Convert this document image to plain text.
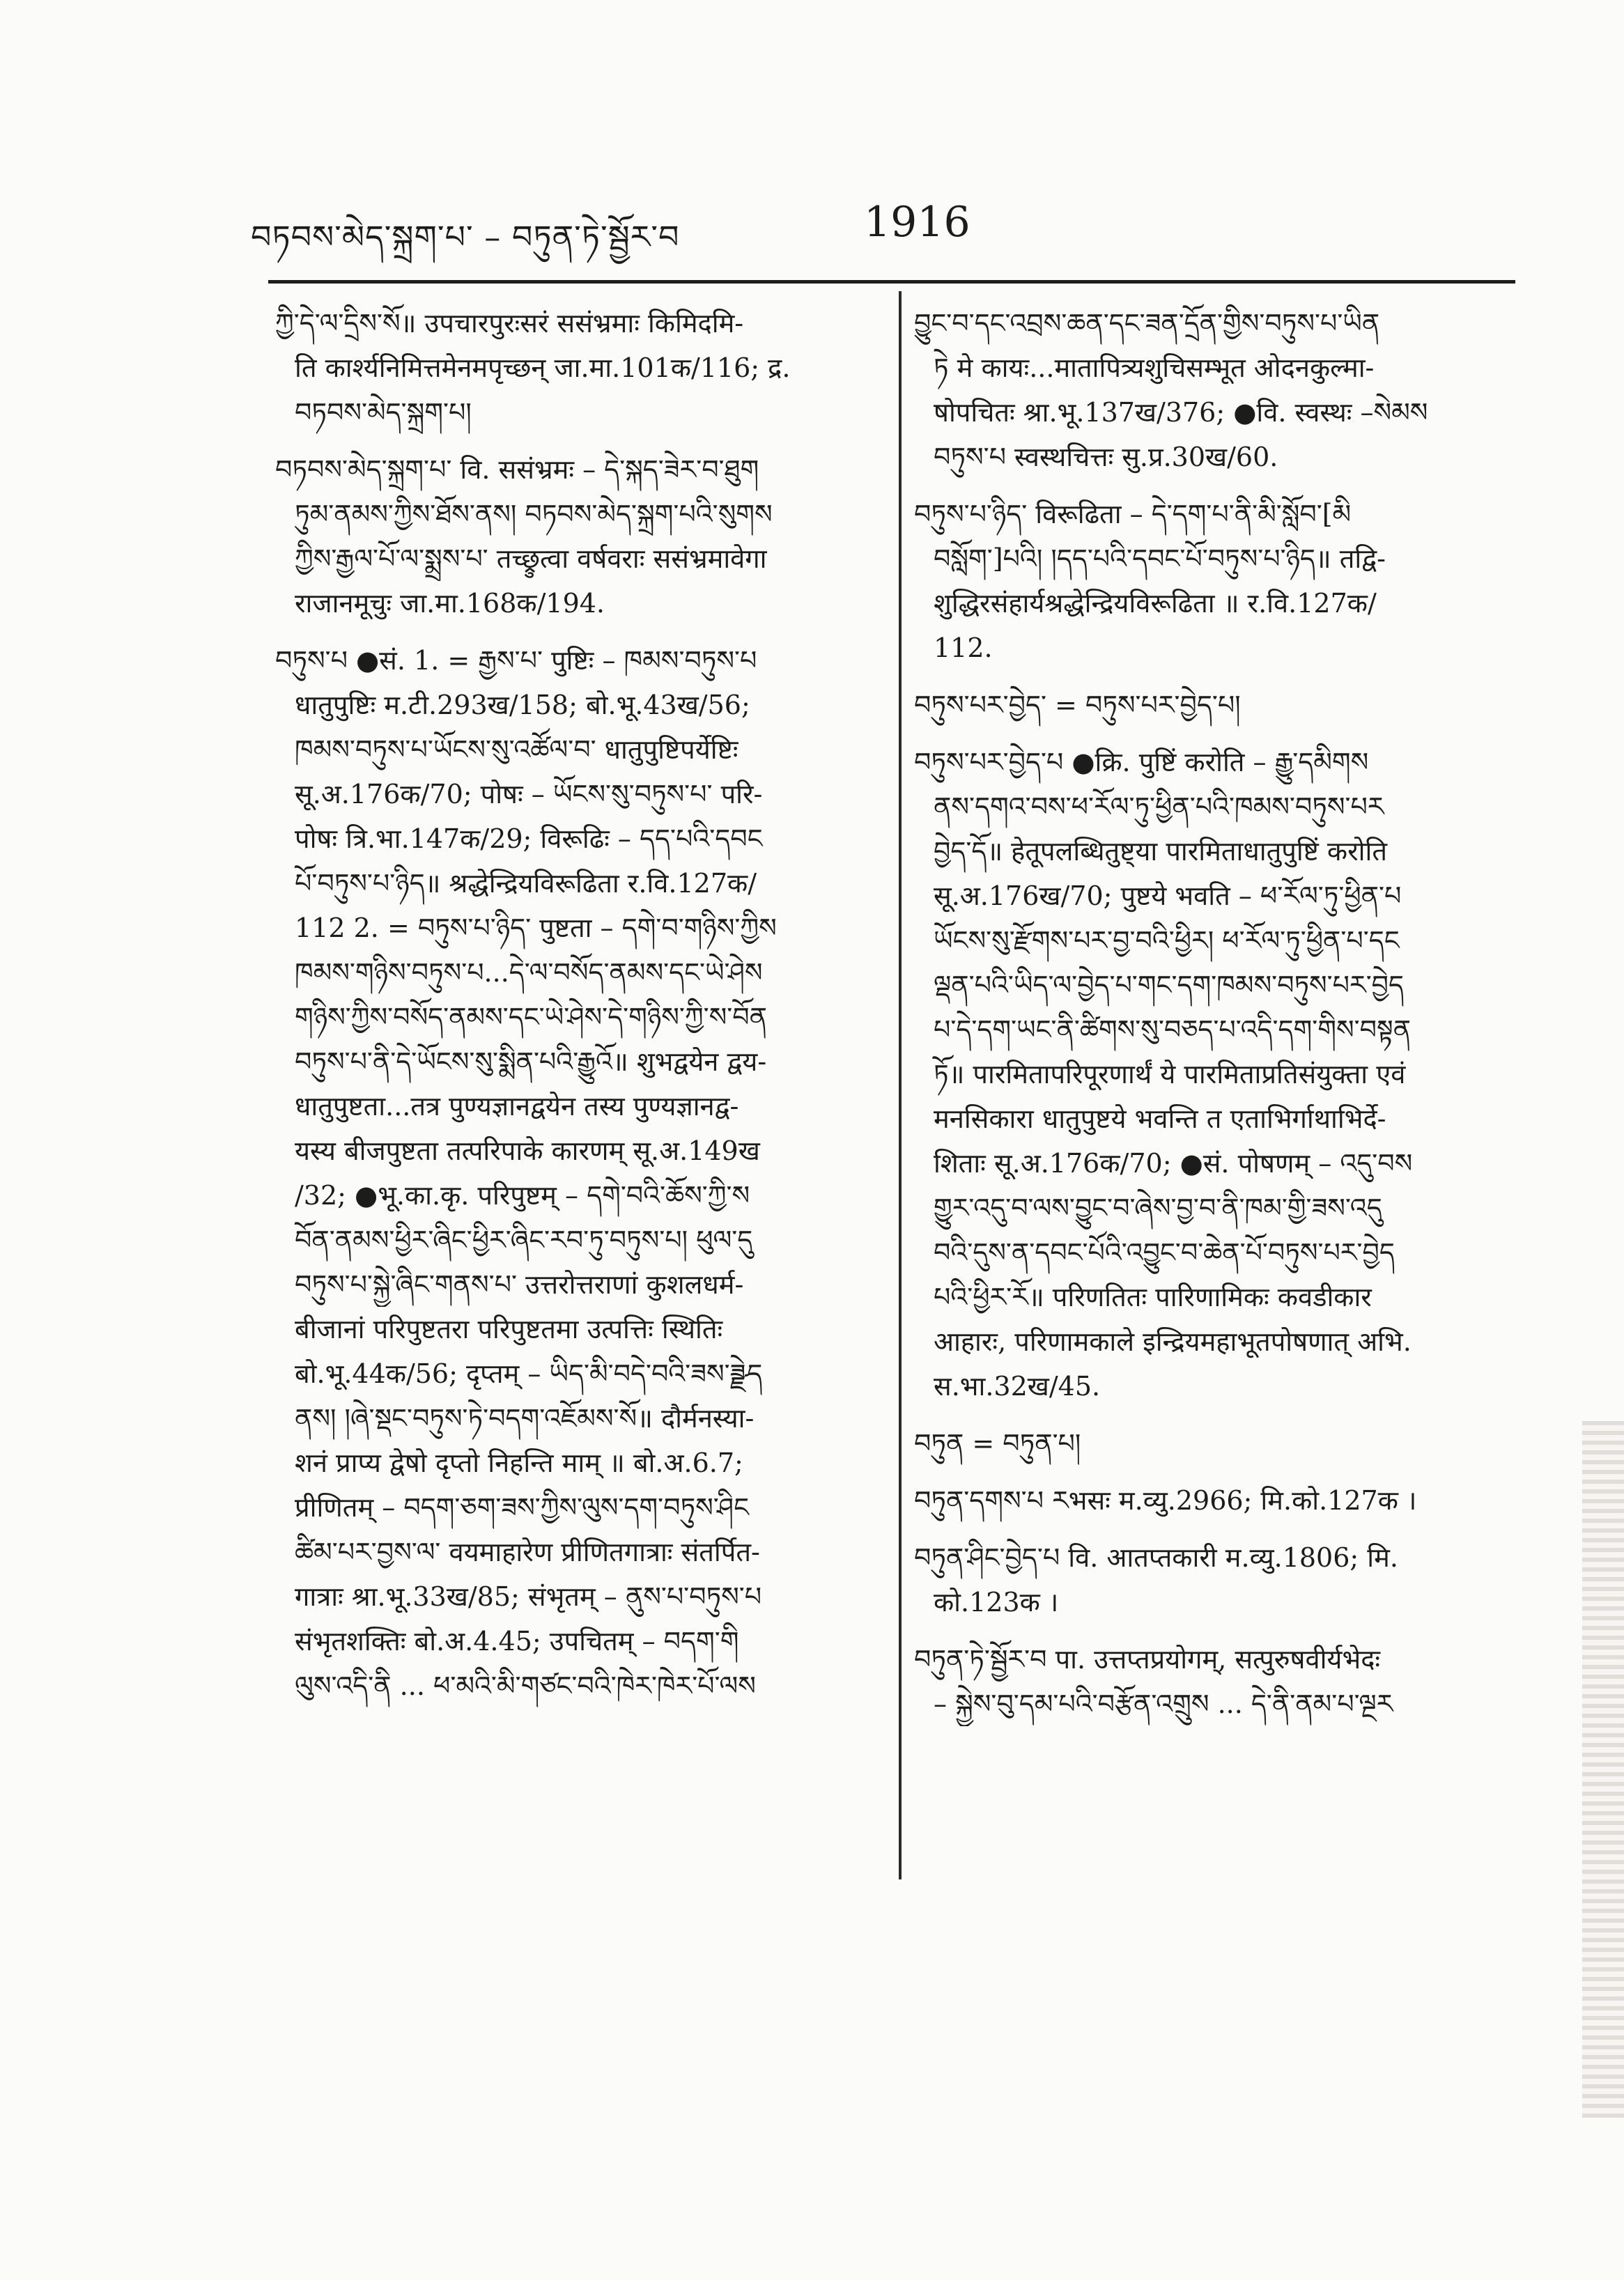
བཏབས་མེད་སྐྲག་པ་ – བཏུན་ཏེ་སྦྱོར་བ	1916
ཀྱི་དེ་ལ་དྲིས་སོ॥ उपचारपुरःसरं ससंभ्रमाः किमिदमि-
ति कार्श्यनिमित्तमेनमपृच्छन् जा.मा.101क/116; द्र.
བཏབས་མེད་སྐྲག་པ།
བཏབས་མེད་སྐྲག་པ་ वि. ससंभ्रमः – དེ་སྐད་ཟེར་བ་ཐུག
ཏུམ་ནམས་ཀྱིས་ཐོས་ནས། བཏབས་མེད་སྐྲག་པའི་སུགས
ཀྱིས་རྒྱལ་པོ་ལ་སྨྲས་པ་ तच्छ्रुत्वा वर्षवराः ससंभ्रमावेगा
राजानमूचुः जा.मा.168क/194.
བཏུས་པ ●सं. 1. = རྒྱས་པ་ पुष्टिः – ཁམས་བཏུས་པ
धातुपुष्टिः म.टी.293ख/158; बो.भू.43ख/56;
ཁམས་བཏུས་པ་ཡོངས་སུ་འཚོལ་བ་ धातुपुष्टिपर्येष्टिः
सू.अ.176क/70; पोषः – ཡོངས་སུ་བཏུས་པ་ परि-
पोषः त्रि.भा.147क/29; विरूढिः – དད་པའི་དབང
པོ་བཏུས་པ་ཉིད॥ श्रद्धेन्द्रियविरूढिता र.वि.127क/
112 2. = བཏུས་པ་ཉིད་ पुष्टता – དགེ་བ་གཉིས་ཀྱིས
ཁམས་གཉིས་བཏུས་པ...དེ་ལ་བསོད་ནམས་དང་ཡེ་ཤེས
གཉིས་ཀྱིས་བསོད་ནམས་དང་ཡེ་ཤེས་དེ་གཉིས་ཀྱི་ས་བོན
བཏུས་པ་ནི་དེ་ཡོངས་སུ་སྨིན་པའི་རྒྱུའོ॥ शुभद्वयेन द्वय-
धातुपुष्टता...तत्र पुण्यज्ञानद्वयेन तस्य पुण्यज्ञानद्व-
यस्य बीजपुष्टता तत्परिपाके कारणम् सू.अ.149ख
/32; ●भू.का.कृ. परिपुष्टम् – དགེ་བའི་ཆོས་ཀྱི་ས
བོན་ནམས་ཕྱིར་ཞིང་ཕྱིར་ཞིང་རབ་ཏུ་བཏུས་པ། ཕུལ་དུ
བཏུས་པ་སྐྱེ་ཞིང་གནས་པ་ उत्तरोत्तराणां कुशलधर्म-
बीजानां परिपुष्टतरा परिपुष्टतमा उत्पत्तिः स्थितिः
बो.भू.44क/56; दृप्तम् – ཡིད་མི་བདེ་བའི་ཟས་ཟྫེད
ནས། །ཞེ་སྡང་བཏུས་ཏེ་བདག་འཇོམས་སོ॥ दौर्मनस्या-
शनं प्राप्य द्वेषो दृप्तो निहन्ति माम् ॥ बो.अ.6.7;
प्रीणितम् – བདག་ཅག་ཟས་ཀྱིས་ལུས་དག་བཏུས་ཤིང
ཚིམ་པར་བྱས་ལ་ वयमाहारेण प्रीणितगात्राः संतर्पित-
गात्राः श्रा.भू.33ख/85; संभृतम् – ནུས་པ་བཏུས་པ
संभृतशक्तिः बो.अ.4.45; उपचितम् – བདག་གི
ལུས་འདི་ནི ... ཕ་མའི་མི་གཙང་བའི་ཁེར་ཁེར་པོ་ལས
བྱུང་བ་དང་འབྲས་ཆན་དང་ཟན་དྲོན་གྱིས་བཏུས་པ་ཡིན
ཏེ मे कायः...मातापित्र्यशुचिसम्भूत ओदनकुल्मा-
षोपचितः श्रा.भू.137ख/376; ●वि. स्वस्थः –སེམས
བཏུས་པ स्वस्थचित्तः सु.प्र.30ख/60.
བཏུས་པ་ཉིད་ विरूढिता – དེ་དག་པ་ནི་མི་སློབ་[མི
བསློག་]པའི། །དད་པའི་དབང་པོ་བཏུས་པ་ཉིད॥ तद्वि-
शुद्धिरसंहार्यश्रद्धेन्द्रियविरूढिता ॥ र.वि.127क/
112.
བཏུས་པར་བྱེད་ = བཏུས་པར་བྱེད་པ།
བཏུས་པར་བྱེད་པ ●क्रि. पुष्टिं करोति – རྒྱུ་དམིགས
ནས་དགའ་བས་ཕ་རོལ་ཏུ་ཕྱིན་པའི་ཁམས་བཏུས་པར
བྱེད་དོ॥ हेतूपलब्धितुष्ट्या पारमिताधातुपुष्टिं करोति
सू.अ.176ख/70; पुष्टये भवति – ཕ་རོལ་ཏུ་ཕྱིན་པ
ཡོངས་སུ་རྫོགས་པར་བྱ་བའི་ཕྱིར། ཕ་རོལ་ཏུ་ཕྱིན་པ་དང
ལྡན་པའི་ཡིད་ལ་བྱེད་པ་གང་དག་ཁམས་བཏུས་པར་བྱེད
པ་དེ་དག་ཡང་ནི་ཚིགས་སུ་བཅད་པ་འདི་དག་གིས་བསྟན
ཏོ॥ पारमितापरिपूरणार्थं ये पारमिताप्रतिसंयुक्ता एवं
मनसिकारा धातुपुष्टये भवन्ति त एताभिर्गाथाभिर्दे-
शिताः सू.अ.176क/70; ●सं. पोषणम् – འདུ་བས
གྱུར་འདུ་བ་ལས་བྱུང་བ་ཞེས་བྱ་བ་ནི་ཁམ་གྱི་ཟས་འདུ
བའི་དུས་ན་དབང་པོའི་འབྱུང་བ་ཆེན་པོ་བཏུས་པར་བྱེད
པའི་ཕྱིར་རོ॥ परिणतितः पारिणामिकः कवडीकार
आहारः, परिणामकाले इन्द्रियमहाभूतपोषणात् अभि.
स.भा.32ख/45.
བཏུན = བཏུན་པ།
བཏུན་དགས་པ རभसः म.व्यु.2966; मि.को.127क ।
བཏུན་ཤིང་བྱེད་པ वि. आतप्तकारी म.व्यु.1806; मि.
को.123क ।
བཏུན་ཏེ་སྦྱོར་བ पा. उत्तप्तप्रयोगम्, सत्पुरुषवीर्यभेदः
– སྐྱེས་བུ་དམ་པའི་བརྩོན་འགྲུས ... དེ་ནི་ནམ་པ་ལྔར
